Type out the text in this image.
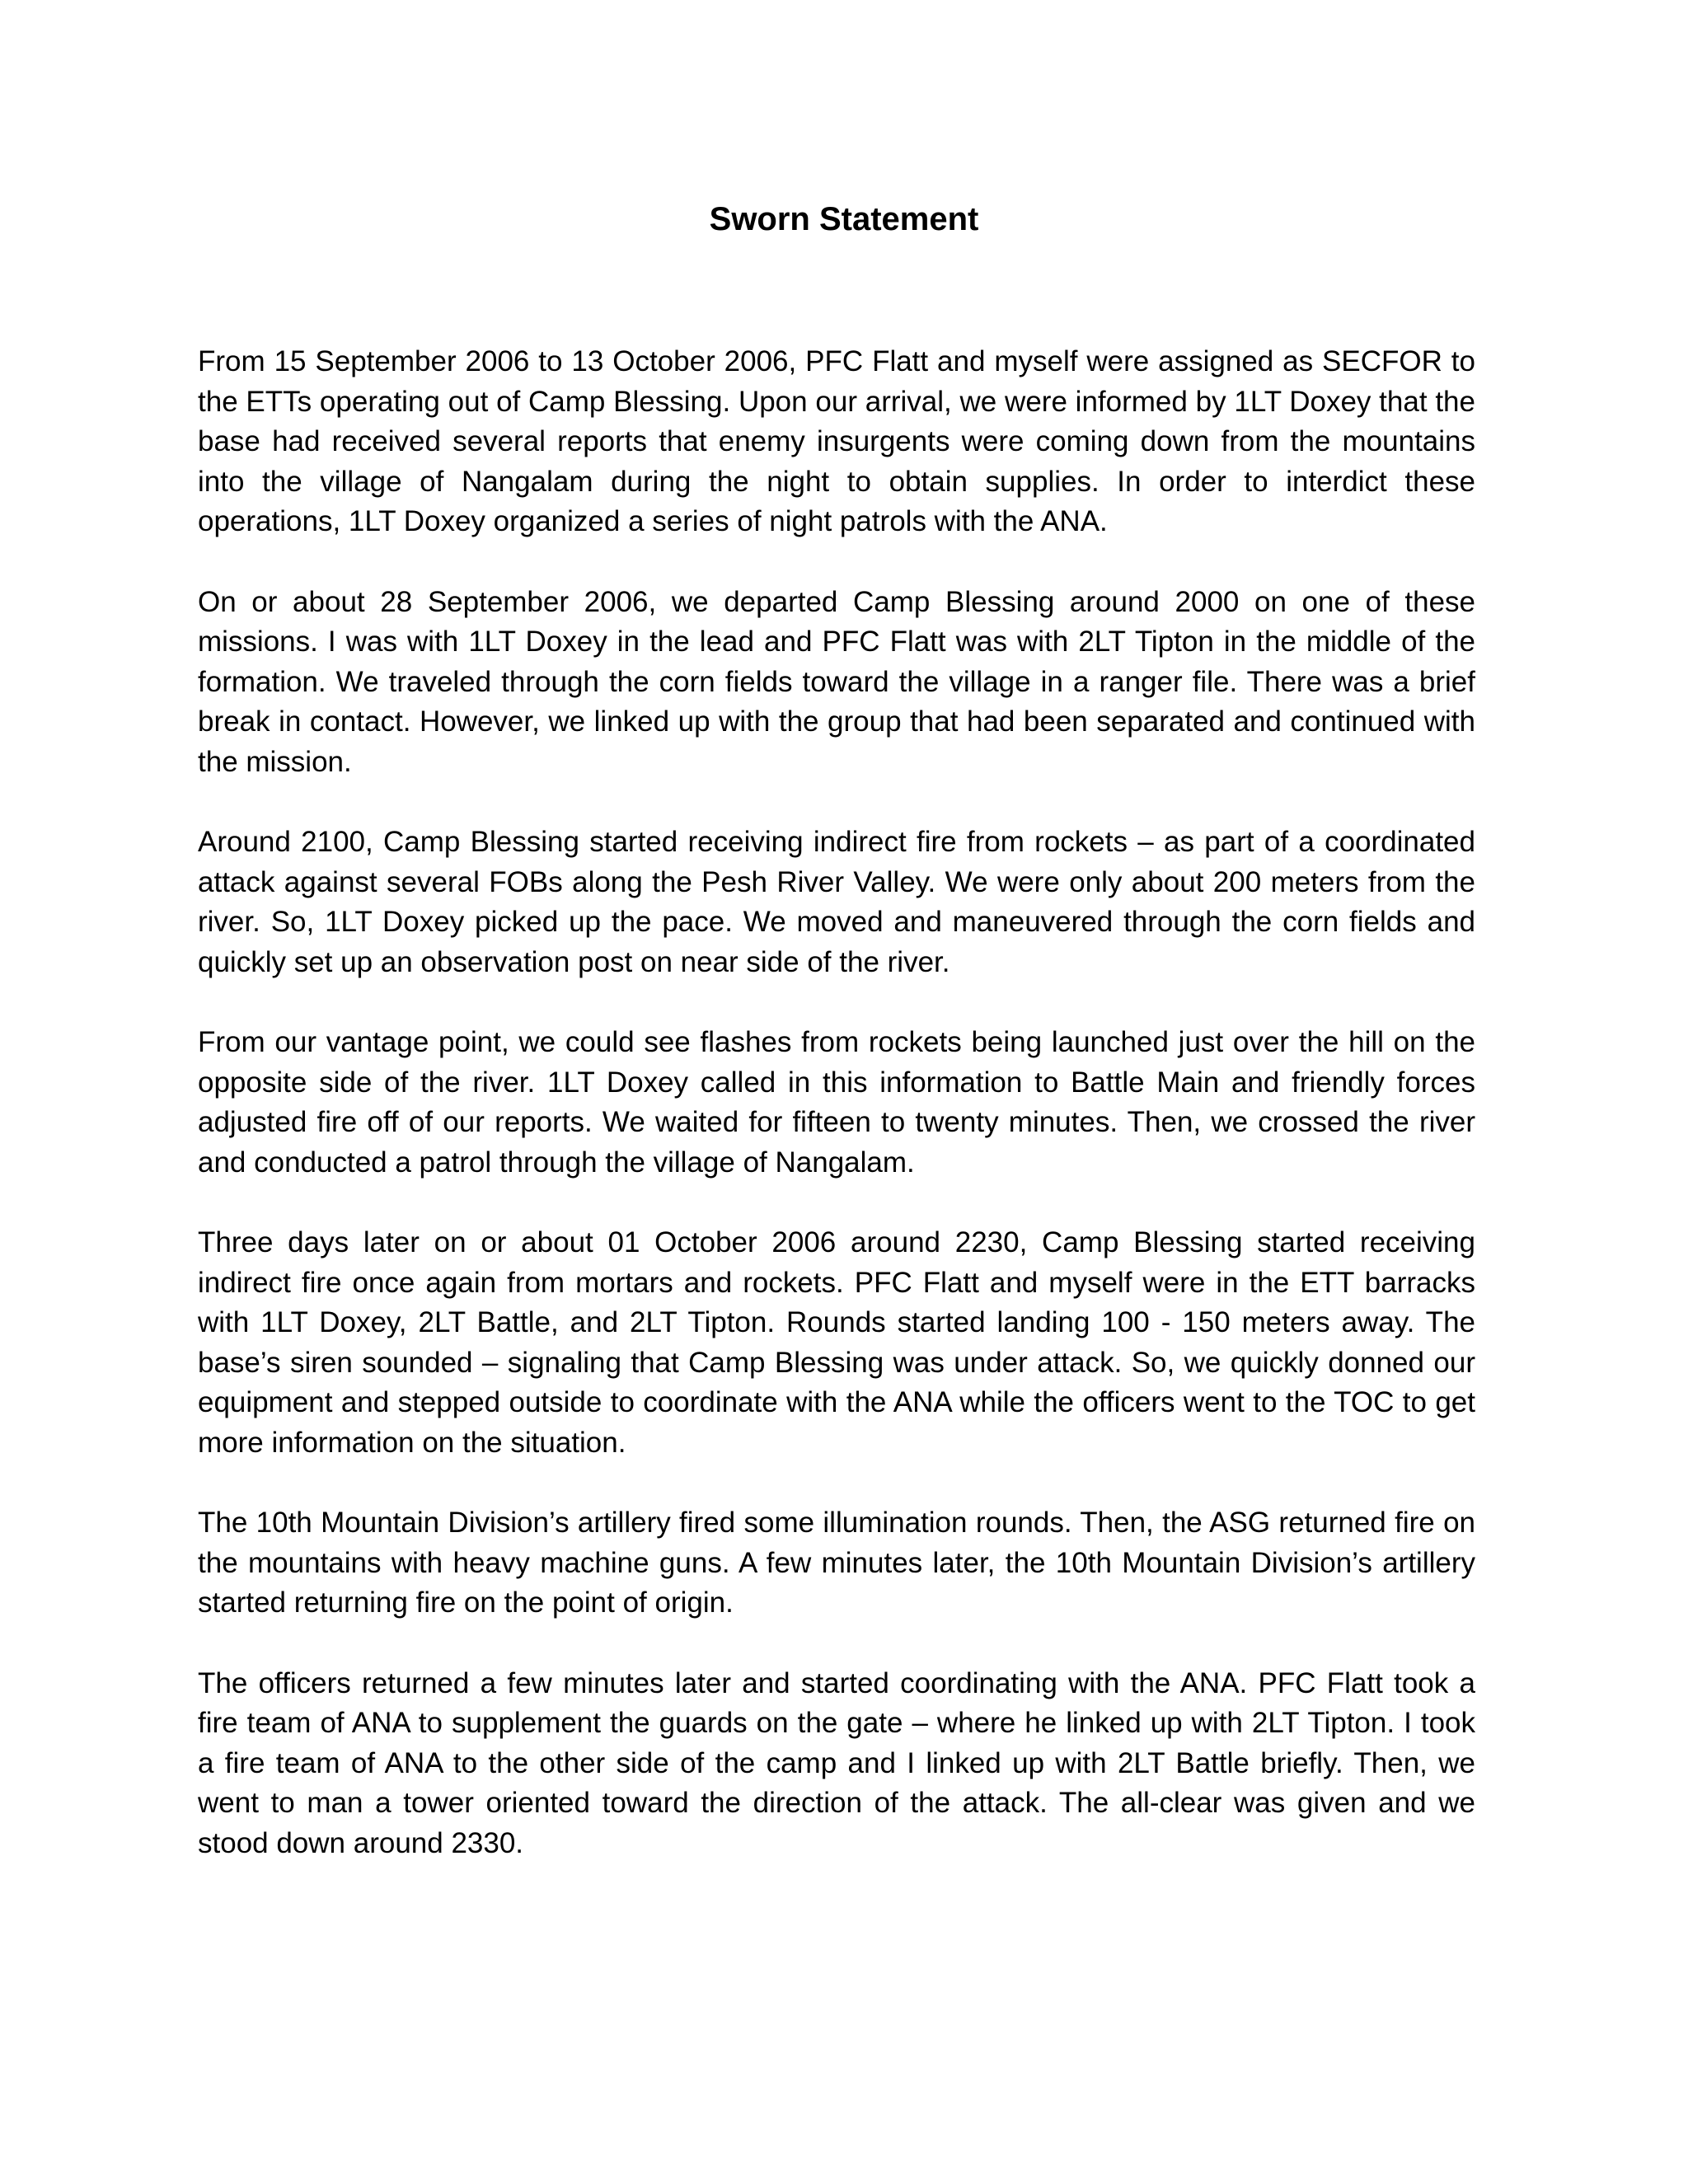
Sworn Statement

From 15 September 2006 to 13 October 2006, PFC Flatt and myself were assigned as SECFOR to the ETTs operating out of Camp Blessing. Upon our arrival, we were informed by 1LT Doxey that the base had received several reports that enemy insurgents were coming down from the mountains into the village of Nangalam during the night to obtain supplies. In order to interdict these operations, 1LT Doxey organized a series of night patrols with the ANA.

On or about 28 September 2006, we departed Camp Blessing around 2000 on one of these missions. I was with 1LT Doxey in the lead and PFC Flatt was with 2LT Tipton in the middle of the formation. We traveled through the corn fields toward the village in a ranger file. There was a brief break in contact. However, we linked up with the group that had been separated and continued with the mission.

Around 2100, Camp Blessing started receiving indirect fire from rockets – as part of a coordinated attack against several FOBs along the Pesh River Valley. We were only about 200 meters from the river. So, 1LT Doxey picked up the pace. We moved and maneuvered through the corn fields and quickly set up an observation post on near side of the river.

From our vantage point, we could see flashes from rockets being launched just over the hill on the opposite side of the river. 1LT Doxey called in this information to Battle Main and friendly forces adjusted fire off of our reports. We waited for fifteen to twenty minutes. Then, we crossed the river and conducted a patrol through the village of Nangalam.

Three days later on or about 01 October 2006 around 2230, Camp Blessing started receiving indirect fire once again from mortars and rockets. PFC Flatt and myself were in the ETT barracks with 1LT Doxey, 2LT Battle, and 2LT Tipton. Rounds started landing 100 - 150 meters away. The base’s siren sounded – signaling that Camp Blessing was under attack. So, we quickly donned our equipment and stepped outside to coordinate with the ANA while the officers went to the TOC to get more information on the situation.

The 10th Mountain Division’s artillery fired some illumination rounds. Then, the ASG returned fire on the mountains with heavy machine guns. A few minutes later, the 10th Mountain Division’s artillery started returning fire on the point of origin.

The officers returned a few minutes later and started coordinating with the ANA. PFC Flatt took a fire team of ANA to supplement the guards on the gate – where he linked up with 2LT Tipton. I took a fire team of ANA to the other side of the camp and I linked up with 2LT Battle briefly. Then, we went to man a tower oriented toward the direction of the attack. The all-clear was given and we stood down around 2330.
